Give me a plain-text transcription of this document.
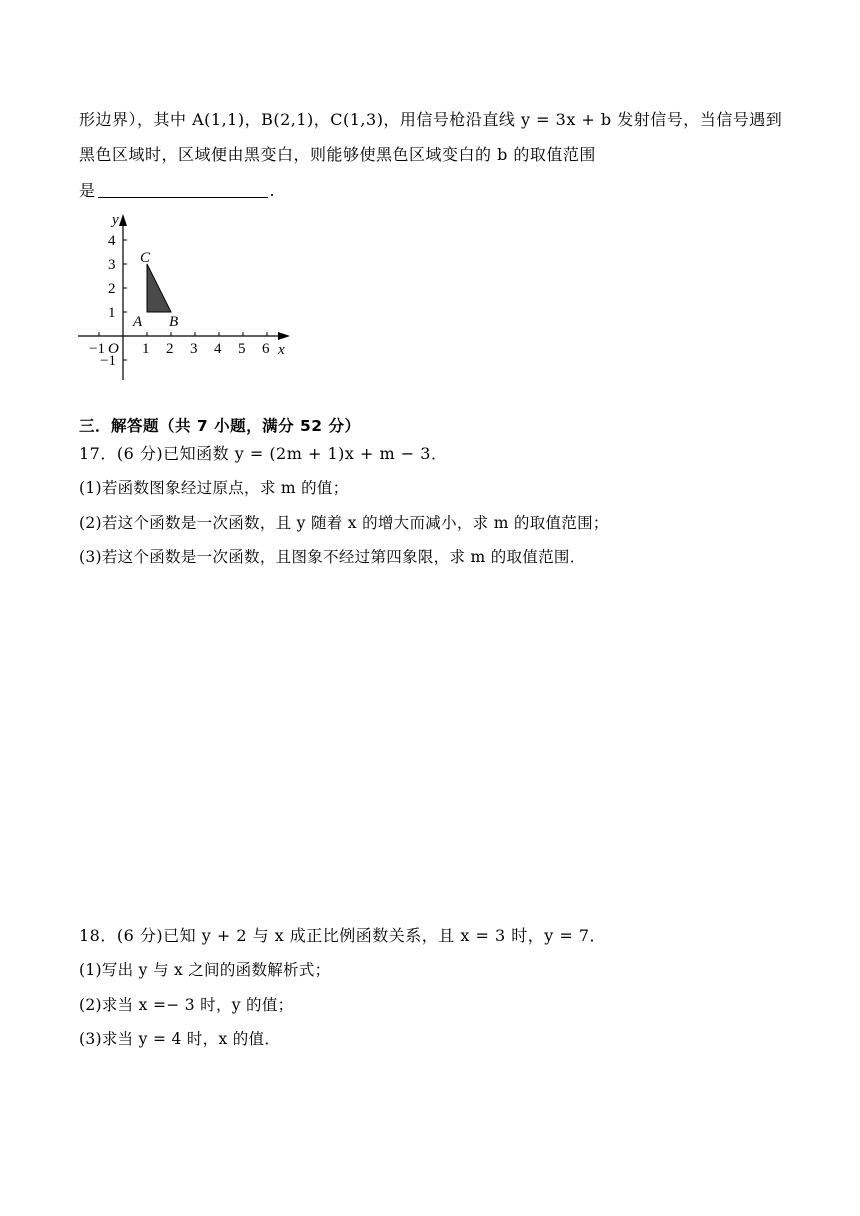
形边界），其中 A(1,1)，B(2,1)，C(1,3)，用信号枪沿直线 y = 3x + b 发射信号，当信号遇到
黑色区域时，区域便由黑变白，则能够使黑色区域变白的 b 的取值范围
是	.
y
x
O
−1 1 2 3 4 5 6
4
3
2
1
−1
A B
C
三．解答题（共 7 小题，满分 52 分）
17．(6 分)已知函数 y = (2m + 1)x + m − 3．
(1)若函数图象经过原点，求 m 的值；
(2)若这个函数是一次函数，且 y 随着 x 的增大而减小，求 m 的取值范围；
(3)若这个函数是一次函数，且图象不经过第四象限，求 m 的取值范围．
18．(6 分)已知 y + 2 与 x 成正比例函数关系，且 x = 3 时，y = 7．
(1)写出 y 与 x 之间的函数解析式；
(2)求当 x =− 3 时，y 的值；
(3)求当 y = 4 时，x 的值．
